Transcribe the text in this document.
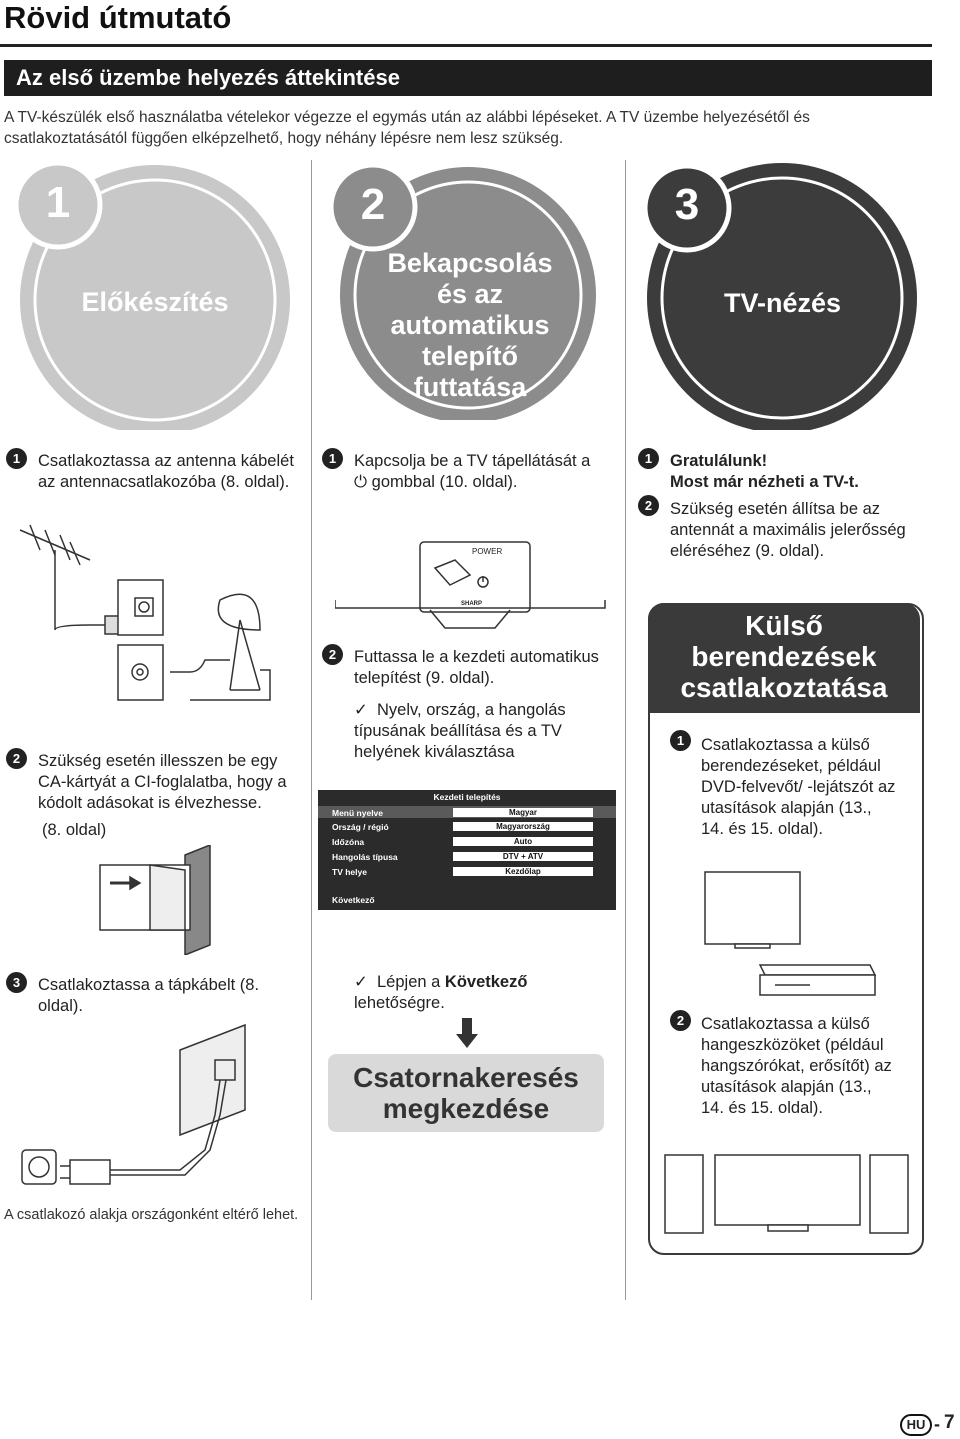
Rövid útmutató
Az első üzembe helyezés áttekintése
A TV-készülék első használatba vételekor végezze el egymás után az alábbi lépéseket. A TV üzembe helyezésétől és csatlakoztatásától függően elképzelhető, hogy néhány lépésre nem lesz szükség.
1
Előkészítés
1	Csatlakoztassa az antenna kábelét az antennacsatlakozóba (8. oldal).
2	Szükség esetén illesszen be egy CA-kártyát a CI-foglalatba, hogy a kódolt adásokat is élvezhesse.
(8. oldal)
3	Csatlakoztassa a tápkábelt (8. oldal).
A csatlakozó alakja országonként eltérő lehet.
2
Bekapcsolás
és az
automatikus
telepítő
futtatása
1	Kapcsolja be a TV tápellátását a
⏻ gombbal (10. oldal).
POWER
SHARP
2	Futtassa le a kezdeti automatikus telepítést (9. oldal).
✓ Nyelv, ország, a hangolás típusának beállítása és a TV helyének kiválasztása
Kezdeti telepítés
Menü nyelve	Magyar
Ország / régió	Magyarország
Időzóna	Auto
Hangolás típusa	DTV + ATV
TV helye	Kezdőlap
Következő
✓ Lépjen a Következő
lehetőségre.
Csatornakeresés
megkezdése
3
TV-nézés
1	Gratulálunk!
Most már nézheti a TV-t.
2	Szükség esetén állítsa be az antennát a maximális jelerősség eléréséhez (9. oldal).
Külső
berendezések
csatlakoztatása
1	Csatlakoztassa a külső berendezéseket, például DVD-felvevőt/ -lejátszót az utasítások alapján (13., 14. és 15. oldal).
2	Csatlakoztassa a külső hangeszközöket (például hangszórókat, erősítőt) az utasítások alapján (13., 14. és 15. oldal).
HU - 7
